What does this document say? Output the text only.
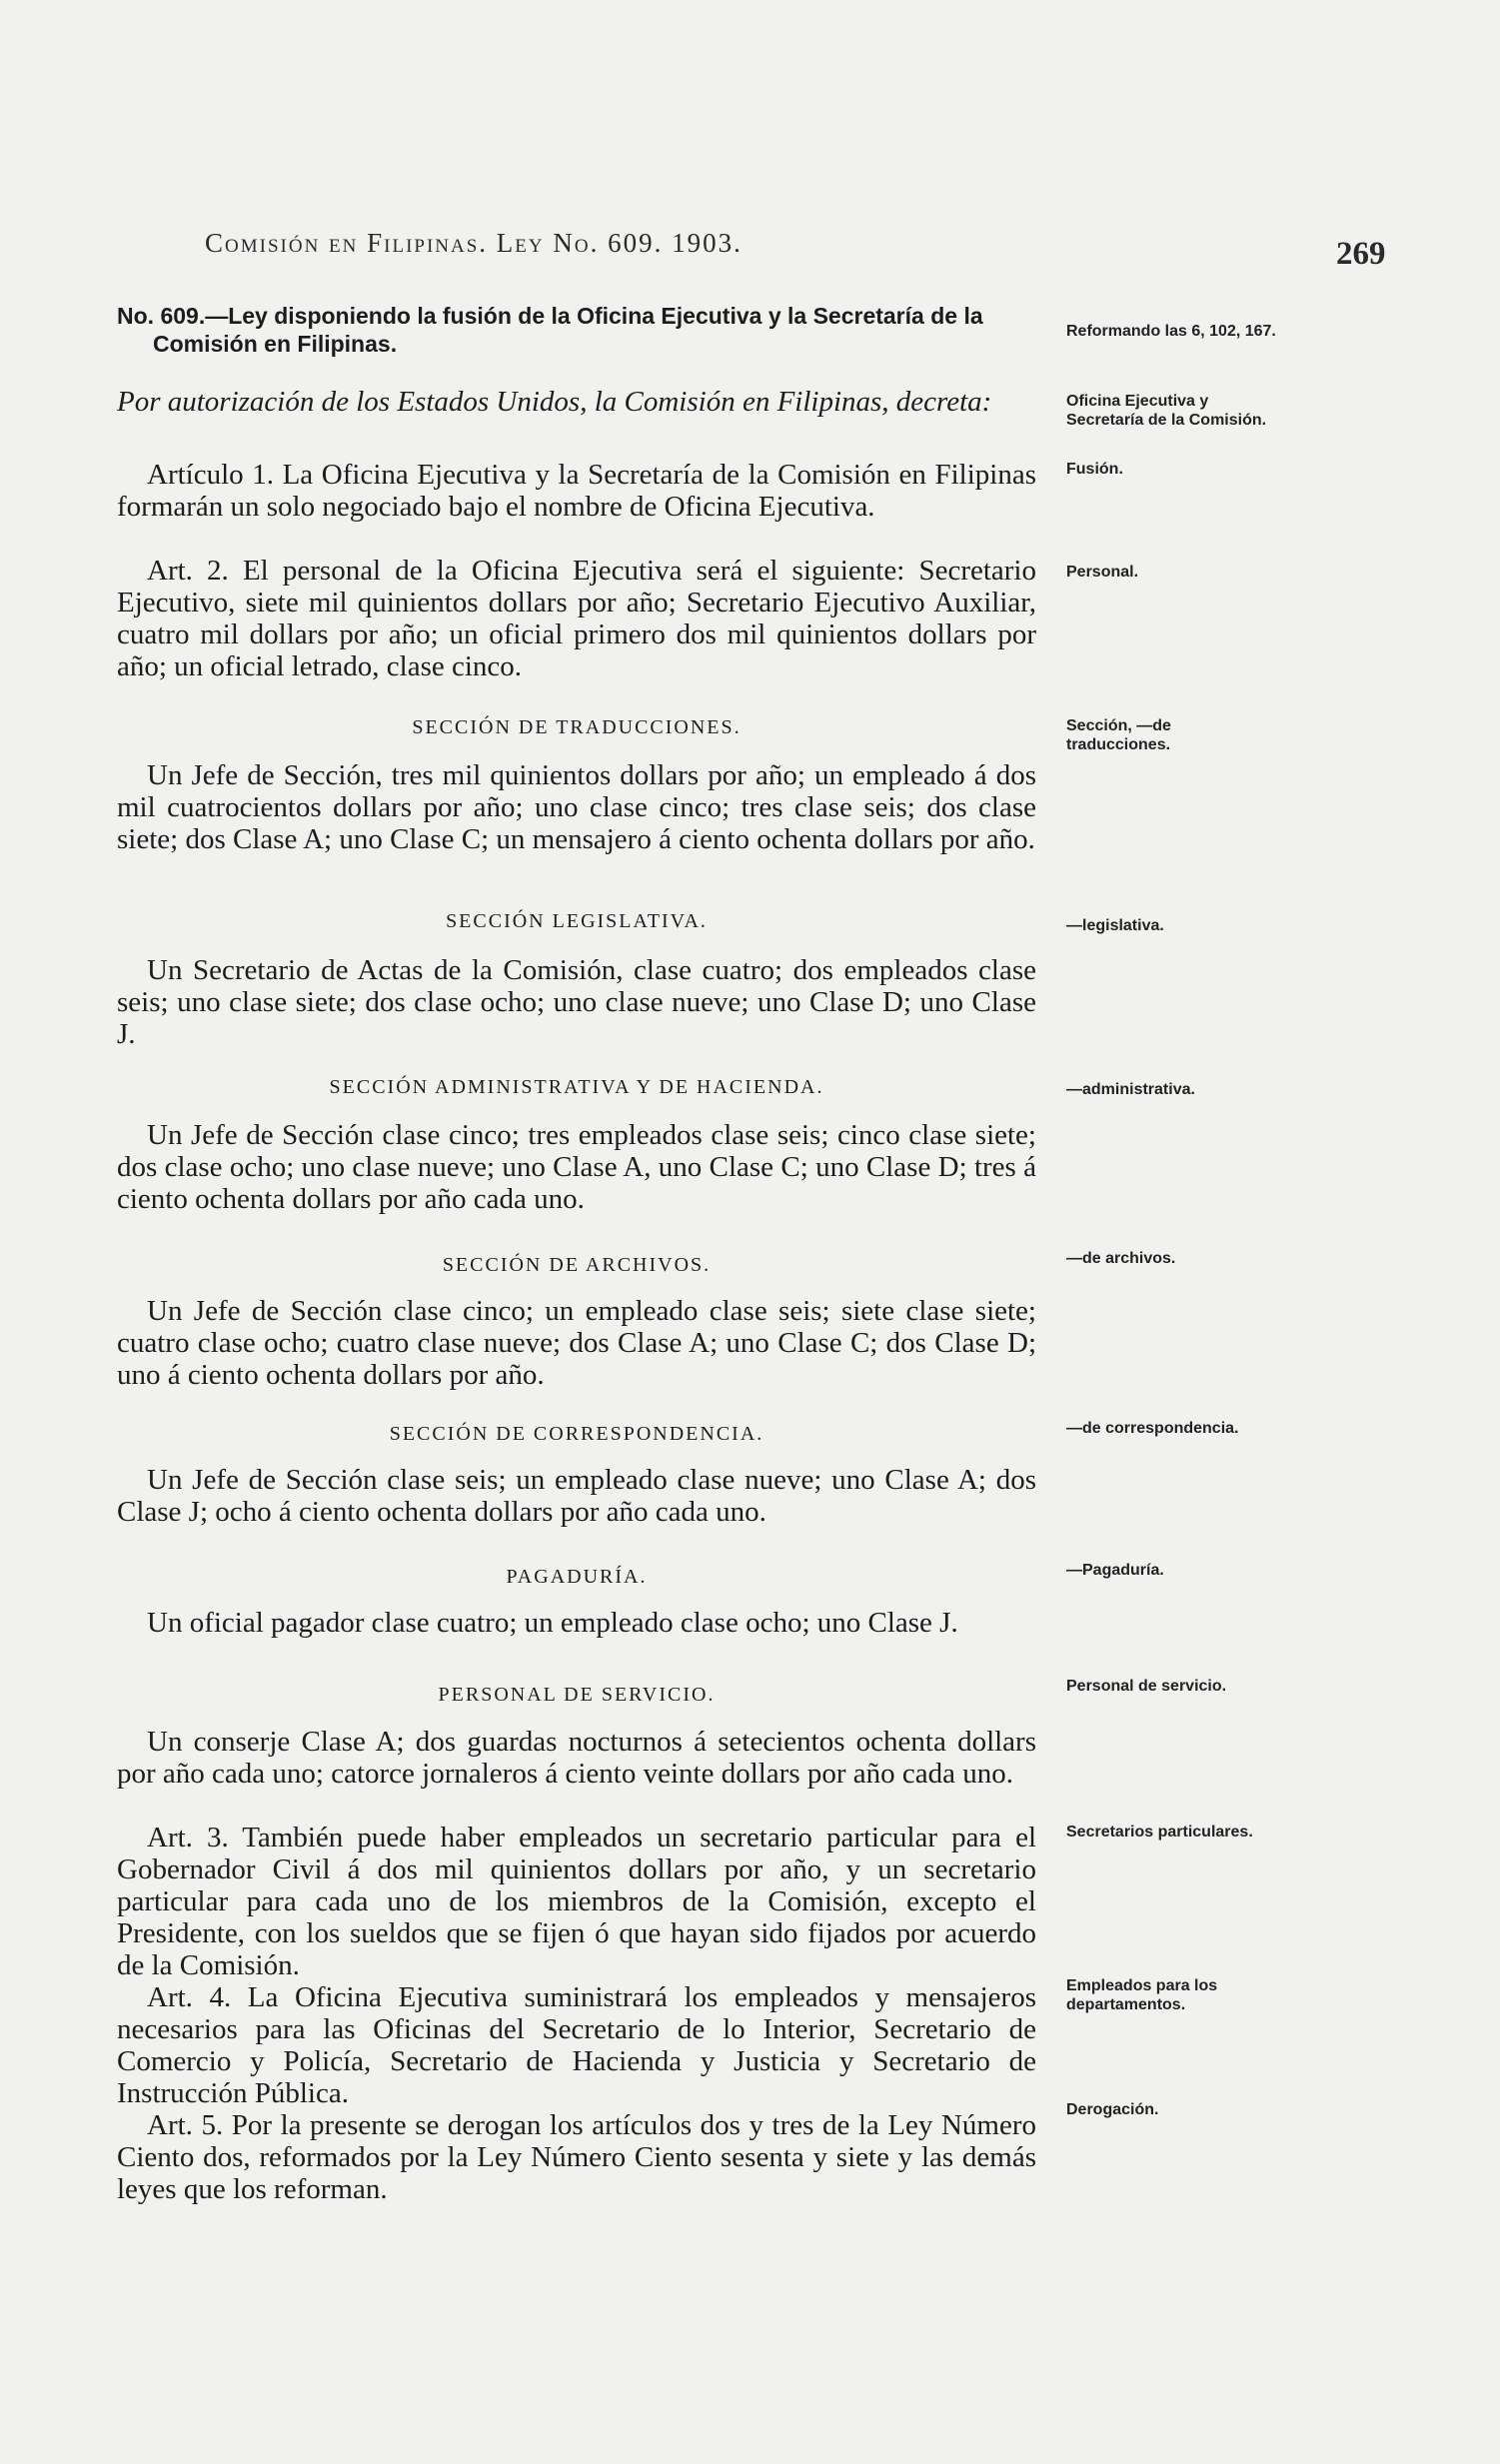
Comisión en Filipinas. Ley No. 609. 1903.	269
No. 609.—Ley disponiendo la fusión de la Oficina Ejecutiva y la Secretaría de la Comisión en Filipinas.
Por autorización de los Estados Unidos, la Comisión en Filipinas, decreta:

Artículo 1. La Oficina Ejecutiva y la Secretaría de la Comisión en Filipinas formarán un solo negociado bajo el nombre de Oficina Ejecutiva.

Art. 2. El personal de la Oficina Ejecutiva será el siguiente: Secretario Ejecutivo, siete mil quinientos dollars por año; Secretario Ejecutivo Auxiliar, cuatro mil dollars por año; un oficial primero dos mil quinientos dollars por año; un oficial letrado, clase cinco.

SECCIÓN DE TRADUCCIONES.

Un Jefe de Sección, tres mil quinientos dollars por año; un empleado á dos mil cuatrocientos dollars por año; uno clase cinco; tres clase seis; dos clase siete; dos Clase A; uno Clase C; un mensajero á ciento ochenta dollars por año.

SECCIÓN LEGISLATIVA.

Un Secretario de Actas de la Comisión, clase cuatro; dos empleados clase seis; uno clase siete; dos clase ocho; uno clase nueve; uno Clase D; uno Clase J.

SECCIÓN ADMINISTRATIVA Y DE HACIENDA.

Un Jefe de Sección clase cinco; tres empleados clase seis; cinco clase siete; dos clase ocho; uno clase nueve; uno Clase A, uno Clase C; uno Clase D; tres á ciento ochenta dollars por año cada uno.

SECCIÓN DE ARCHIVOS.

Un Jefe de Sección clase cinco; un empleado clase seis; siete clase siete; cuatro clase ocho; cuatro clase nueve; dos Clase A; uno Clase C; dos Clase D; uno á ciento ochenta dollars por año.

SECCIÓN DE CORRESPONDENCIA.

Un Jefe de Sección clase seis; un empleado clase nueve; uno Clase A; dos Clase J; ocho á ciento ochenta dollars por año cada uno.

PAGADURÍA.

Un oficial pagador clase cuatro; un empleado clase ocho; uno Clase J.

PERSONAL DE SERVICIO.

Un conserje Clase A; dos guardas nocturnos á setecientos ochenta dollars por año cada uno; catorce jornaleros á ciento veinte dollars por año cada uno.

Art. 3. También puede haber empleados un secretario particular para el Gobernador Civil á dos mil quinientos dollars por año, y un secretario particular para cada uno de los miembros de la Comisión, excepto el Presidente, con los sueldos que se fijen ó que hayan sido fijados por acuerdo de la Comisión.

Art. 4. La Oficina Ejecutiva suministrará los empleados y mensajeros necesarios para las Oficinas del Secretario de lo Interior, Secretario de Comercio y Policía, Secretario de Hacienda y Justicia y Secretario de Instrucción Pública.

Art. 5. Por la presente se derogan los artículos dos y tres de la Ley Número Ciento dos, reformados por la Ley Número Ciento sesenta y siete y las demás leyes que los reforman.

Reformando las 6, 102, 167.
Oficina Ejecutiva y Secretaría de la Comisión.
Fusión.
Personal.
Sección, —de traducciones.
—legislativa.
—administrativa.
—de archivos.
—de correspondencia.
—Pagaduría.
Personal de servicio.
Secretarios particulares.
Empleados para los departamentos.
Derogación.
